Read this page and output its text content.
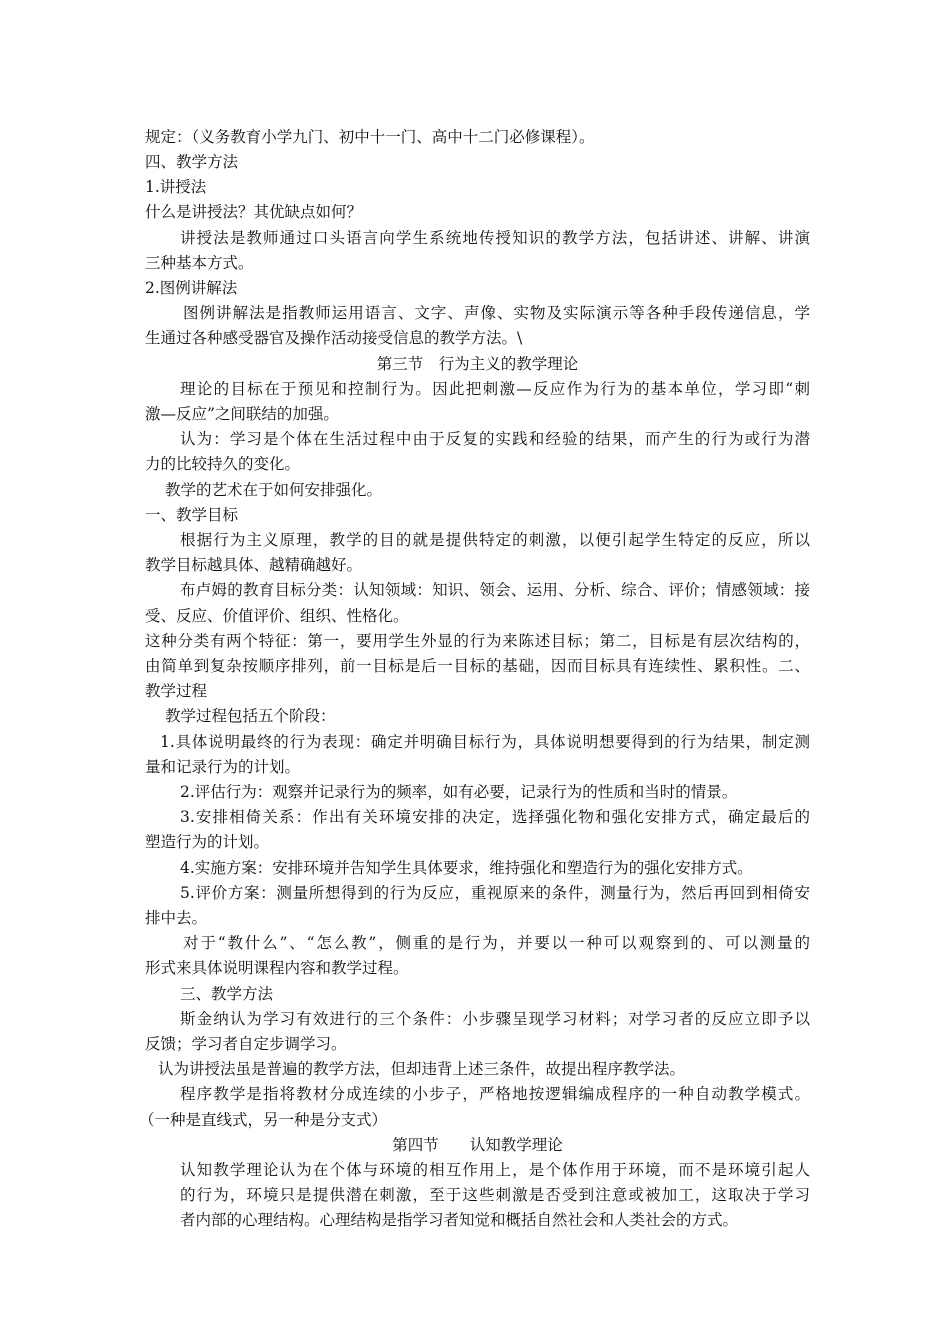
规定：（义务教育小学九门、初中十一门、高中十二门必修课程）。
四、教学方法
1.讲授法
什么是讲授法？其优缺点如何？
讲授法是教师通过口头语言向学生系统地传授知识的教学方法，包括讲述、讲解、讲演
三种基本方式。
2.图例讲解法
图例讲解法是指教师运用语言、文字、声像、实物及实际演示等各种手段传递信息，学
生通过各种感受器官及操作活动接受信息的教学方法。\
第三节　行为主义的教学理论
理论的目标在于预见和控制行为。因此把刺激—反应作为行为的基本单位，学习即“刺
激—反应”之间联结的加强。
认为：学习是个体在生活过程中由于反复的实践和经验的结果，而产生的行为或行为潜
力的比较持久的变化。
教学的艺术在于如何安排强化。
一、教学目标
根据行为主义原理，教学的目的就是提供特定的刺激，以便引起学生特定的反应，所以
教学目标越具体、越精确越好。
布卢姆的教育目标分类：认知领域：知识、领会、运用、分析、综合、评价；情感领域：接
受、反应、价值评价、组织、性格化。
这种分类有两个特征：第一，要用学生外显的行为来陈述目标；第二，目标是有层次结构的，
由简单到复杂按顺序排列，前一目标是后一目标的基础，因而目标具有连续性、累积性。二、
教学过程
教学过程包括五个阶段：
1.具体说明最终的行为表现：确定并明确目标行为，具体说明想要得到的行为结果，制定测
量和记录行为的计划。
2.评估行为：观察并记录行为的频率，如有必要，记录行为的性质和当时的情景。
3.安排相倚关系：作出有关环境安排的决定，选择强化物和强化安排方式，确定最后的
塑造行为的计划。
4.实施方案：安排环境并告知学生具体要求，维持强化和塑造行为的强化安排方式。
5.评价方案：测量所想得到的行为反应，重视原来的条件，测量行为，然后再回到相倚安
排中去。
对于“教什么”、“怎么教”，侧重的是行为，并要以一种可以观察到的、可以测量的
形式来具体说明课程内容和教学过程。
三、教学方法
斯金纳认为学习有效进行的三个条件：小步骤呈现学习材料；对学习者的反应立即予以
反馈；学习者自定步调学习。
认为讲授法虽是普遍的教学方法，但却违背上述三条件，故提出程序教学法。
程序教学是指将教材分成连续的小步子，严格地按逻辑编成程序的一种自动教学模式。
（一种是直线式，另一种是分支式）
第四节　　认知教学理论
认知教学理论认为在个体与环境的相互作用上，是个体作用于环境，而不是环境引起人
的行为，环境只是提供潜在刺激，至于这些刺激是否受到注意或被加工，这取决于学习
者内部的心理结构。心理结构是指学习者知觉和概括自然社会和人类社会的方式。
